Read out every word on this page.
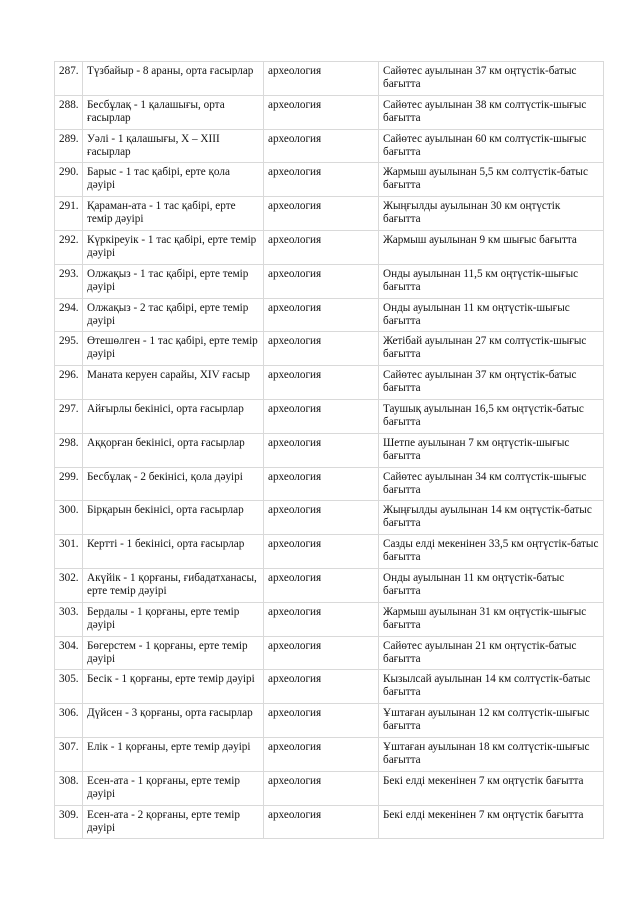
287.	Түзбайыр - 8 араны, орта ғасырлар	археология	Сайөтес ауылынан 37 км оңтүстік-батыс бағытта
288.	Бесбұлақ - 1 қалашығы, орта ғасырлар	археология	Сайөтес ауылынан 38 км солтүстік-шығыс бағытта
289.	Уәлі - 1 қалашығы, Х – ХІІІ ғасырлар	археология	Сайөтес ауылынан 60 км солтүстік-шығыс бағытта
290.	Барыс - 1 тас қабірі, ерте қола дәуірі	археология	Жармыш ауылынан 5,5 км солтүстік-батыс бағытта
291.	Қараман-ата - 1 тас қабірі, ерте темір дәуірі	археология	Жыңғылды ауылынан 30 км оңтүстік бағытта
292.	Күркіреуік - 1 тас қабірі, ерте темір дәуірі	археология	Жармыш ауылынан 9 км шығыс бағытта
293.	Олжақыз - 1 тас қабірі, ерте темір дәуірі	археология	Онды ауылынан 11,5 км оңтүстік-шығыс бағытта
294.	Олжақыз - 2 тас қабірі, ерте темір дәуірі	археология	Онды ауылынан 11 км оңтүстік-шығыс бағытта
295.	Өтешөлген - 1 тас қабірі, ерте темір дәуірі	археология	Жетібай ауылынан 27 км солтүстік-шығыс бағытта
296.	Маната керуен сарайы, XIV ғасыр	археология	Сайөтес ауылынан 37 км оңтүстік-батыс бағытта
297.	Айғырлы бекінісі, орта ғасырлар	археология	Таушық ауылынан 16,5 км оңтүстік-батыс бағытта
298.	Аққорған бекінісі, орта ғасырлар	археология	Шетпе ауылынан 7 км оңтүстік-шығыс бағытта
299.	Бесбұлақ - 2 бекінісі, қола дәуірі	археология	Сайөтес ауылынан 34 км солтүстік-шығыс бағытта
300.	Бірқарын бекінісі, орта ғасырлар	археология	Жыңғылды ауылынан 14 км оңтүстік-батыс бағытта
301.	Кертті - 1 бекінісі, орта ғасырлар	археология	Сазды елді мекенінен 33,5 км оңтүстік-батыс бағытта
302.	Акүйік - 1 қорғаны, ғибадатханасы, ерте темір дәуірі	археология	Онды ауылынан 11 км оңтүстік-батыс бағытта
303.	Бердалы - 1 қорғаны, ерте темір дәуірі	археология	Жармыш ауылынан 31 км оңтүстік-шығыс бағытта
304.	Бөгерстем - 1 қорғаны, ерте темір дәуірі	археология	Сайөтес ауылынан 21 км оңтүстік-батыс бағытта
305.	Бесік - 1 қорғаны, ерте темір дәуірі	археология	Кызылсай ауылынан 14 км солтүстік-батыс бағытта
306.	Дүйсен - 3 қорғаны, орта ғасырлар	археология	Ұштаған ауылынан 12 км солтүстік-шығыс бағытта
307.	Елік - 1 қорғаны, ерте темір дәуірі	археология	Ұштаған ауылынан 18 км солтүстік-шығыс бағытта
308.	Есен-ата - 1 қорғаны, ерте темір дәуірі	археология	Бекі елді мекенінен 7 км оңтүстік бағытта
309.	Есен-ата - 2 қорғаны, ерте темір дәуірі	археология	Бекі елді мекенінен 7 км оңтүстік бағытта
